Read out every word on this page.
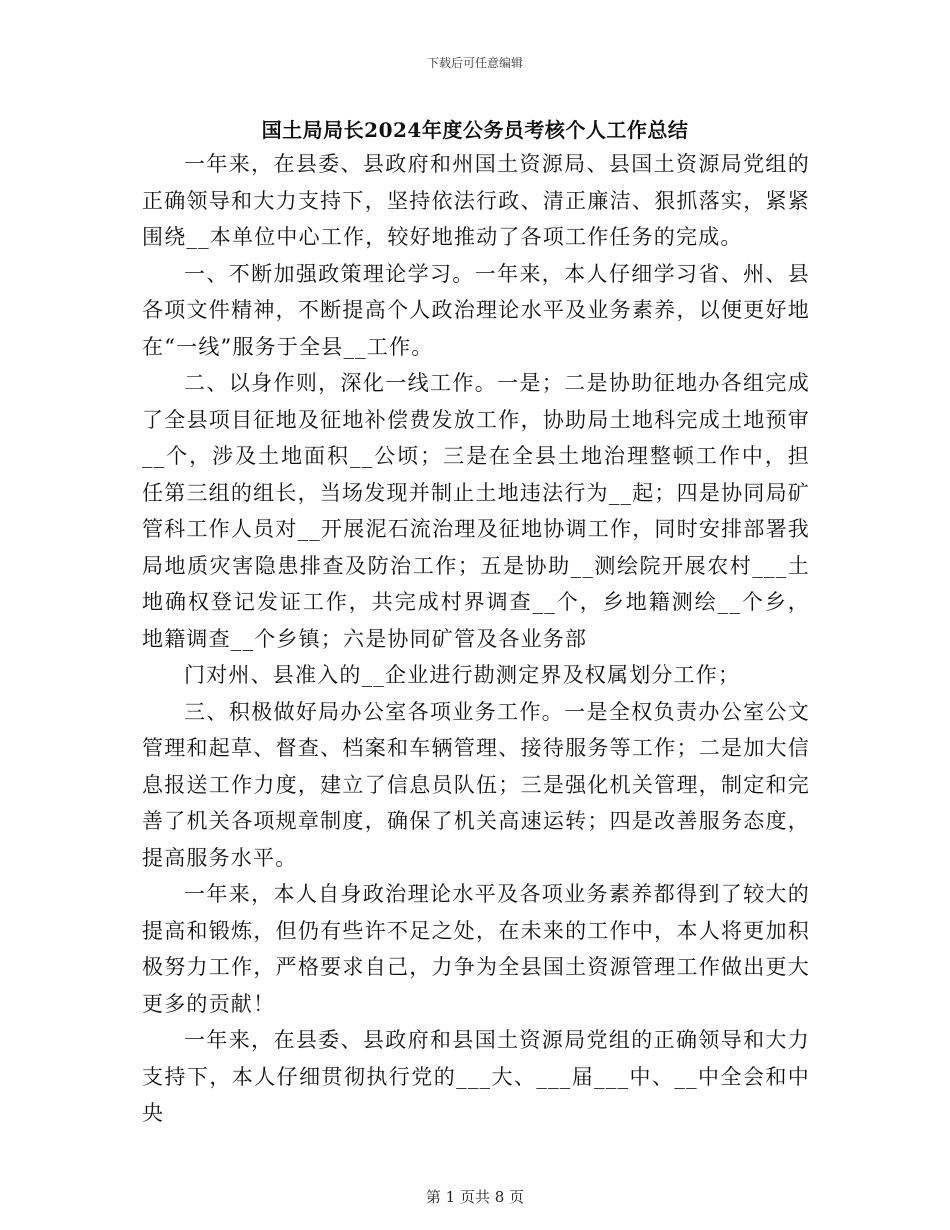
下载后可任意编辑
国土局局长2024年度公务员考核个人工作总结

一年来，在县委、县政府和州国土资源局、县国土资源局党组的正确领导和大力支持下，坚持依法行政、清正廉洁、狠抓落实，紧紧围绕__本单位中心工作，较好地推动了各项工作任务的完成。

一、不断加强政策理论学习。一年来，本人仔细学习省、州、县各项文件精神，不断提高个人政治理论水平及业务素养，以便更好地在“一线”服务于全县__工作。

二、以身作则，深化一线工作。一是；二是协助征地办各组完成了全县项目征地及征地补偿费发放工作，协助局土地科完成土地预审__个，涉及土地面积__公顷；三是在全县土地治理整顿工作中，担任第三组的组长，当场发现并制止土地违法行为__起；四是协同局矿管科工作人员对__开展泥石流治理及征地协调工作，同时安排部署我局地质灾害隐患排查及防治工作；五是协助__测绘院开展农村___土地确权登记发证工作，共完成村界调查__个，乡地籍测绘__个乡，地籍调查__个乡镇；六是协同矿管及各业务部

门对州、县准入的__企业进行勘测定界及权属划分工作；

三、积极做好局办公室各项业务工作。一是全权负责办公室公文管理和起草、督查、档案和车辆管理、接待服务等工作；二是加大信息报送工作力度，建立了信息员队伍；三是强化机关管理，制定和完善了机关各项规章制度，确保了机关高速运转；四是改善服务态度，提高服务水平。

一年来，本人自身政治理论水平及各项业务素养都得到了较大的提高和锻炼，但仍有些许不足之处，在未来的工作中，本人将更加积极努力工作，严格要求自己，力争为全县国土资源管理工作做出更大更多的贡献！

一年来，在县委、县政府和县国土资源局党组的正确领导和大力支持下，本人仔细贯彻执行党的___大、___届___中、__中全会和中央

第 1 页共 8 页
